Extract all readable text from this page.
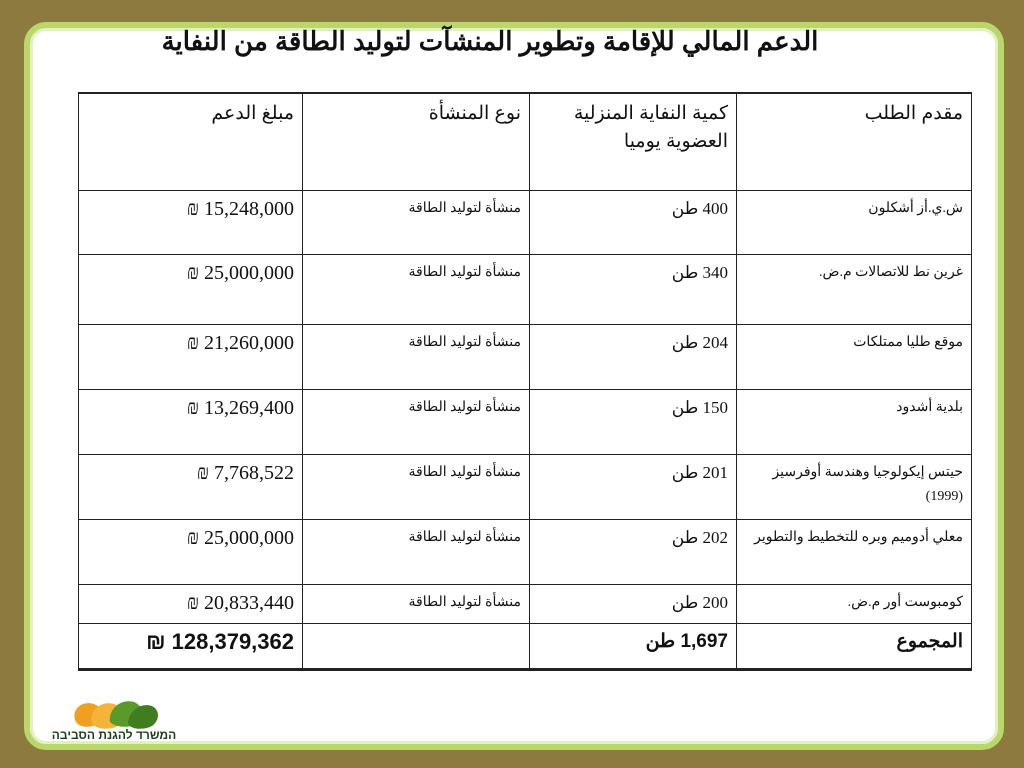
الدعم المالي للإقامة وتطوير المنشآت لتوليد الطاقة من النفاية
مقدم الطلب	كمية النفاية المنزلية العضوية يوميا	نوع المنشأة	مبلغ الدعم
ش.ي.أز أشكلون	400 طن	منشأة لتوليد الطاقة	15,248,000 ₪
غرين نط للاتصالات م.ض.	340 طن	منشأة لتوليد الطاقة	25,000,000 ₪
موقع طليا ممتلكات	204 طن	منشأة لتوليد الطاقة	21,260,000 ₪
بلدية أشدود	150 طن	منشأة لتوليد الطاقة	13,269,400 ₪
حيتس إيكولوجيا وهندسة أوفرسيز (1999)	201 طن	منشأة لتوليد الطاقة	7,768,522 ₪
معلي أدوميم وبره للتخطيط والتطوير	202 طن	منشأة لتوليد الطاقة	25,000,000 ₪
كومبوست أور م.ض.	200 طن	منشأة لتوليد الطاقة	20,833,440 ₪
المجموع	1,697 طن		128,379,362 ₪
המשרד להגנת הסביבה
